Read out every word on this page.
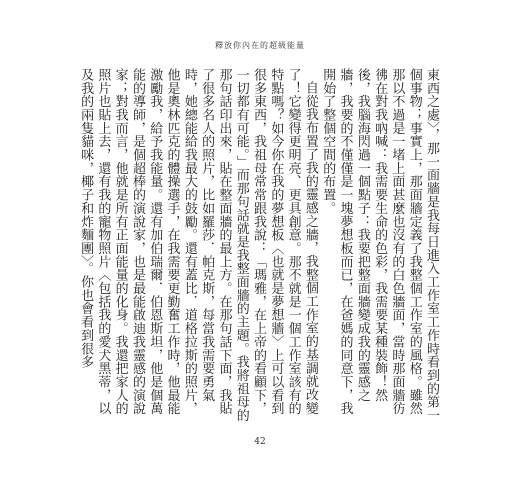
釋放你內在的超級能量

東西之處〉，那一面牆是我每日進入工作室工作時看到的第一個事物；事實上，那面牆定義了我整個工作室的風格。雖然那以不過是一堵上面甚麼也沒有的白色牆面，當時那面牆彷彿在對我吶喊：我需要生命的色彩，我需要某種裝飾！然後，我腦海閃過一個點子：我要把整面牆變成我的靈感之牆，我要的不僅僅是一塊夢想板而已，在爸媽的同意下，我開始了整個空間的布置。

自從我布置了我的靈感之牆，我整個工作室的基調就改變了！它變得更明亮、更具創意。那不就是一個工作室該有的特點嗎？如今你在我的夢想板〈也就是夢想牆〉上可以看到很多東西，我祖母常常跟我說：「瑪雅，在上帝的看顧下，一切都有可能。」而那句話就是我整面牆的主題。我將祖母的那句話印出來，貼在整面牆的最上方。在那句話下面，我貼了很多名人的照片，比如羅莎．帕克斯，每當我需要勇氣時，她總能給我最大的鼓勵。還有蓋比．道格拉斯的照片，他是奧林匹克的體操選手，在我需要更勤奮工作時，他最能激勵我，給予我能量。還有加伯瑞爾．伯恩斯坦，他是個萬能的導師，是個超棒的演說家，也是最能啟迪我靈感的演說家；對我而言，他就是所有正面能量的化身。我還把家人的照片也貼上去，還有我的寵物照片〈包括我的愛犬黑蒂，以及我的兩隻貓咪，椰子和炸麵團〉。你也會看到很多

42
